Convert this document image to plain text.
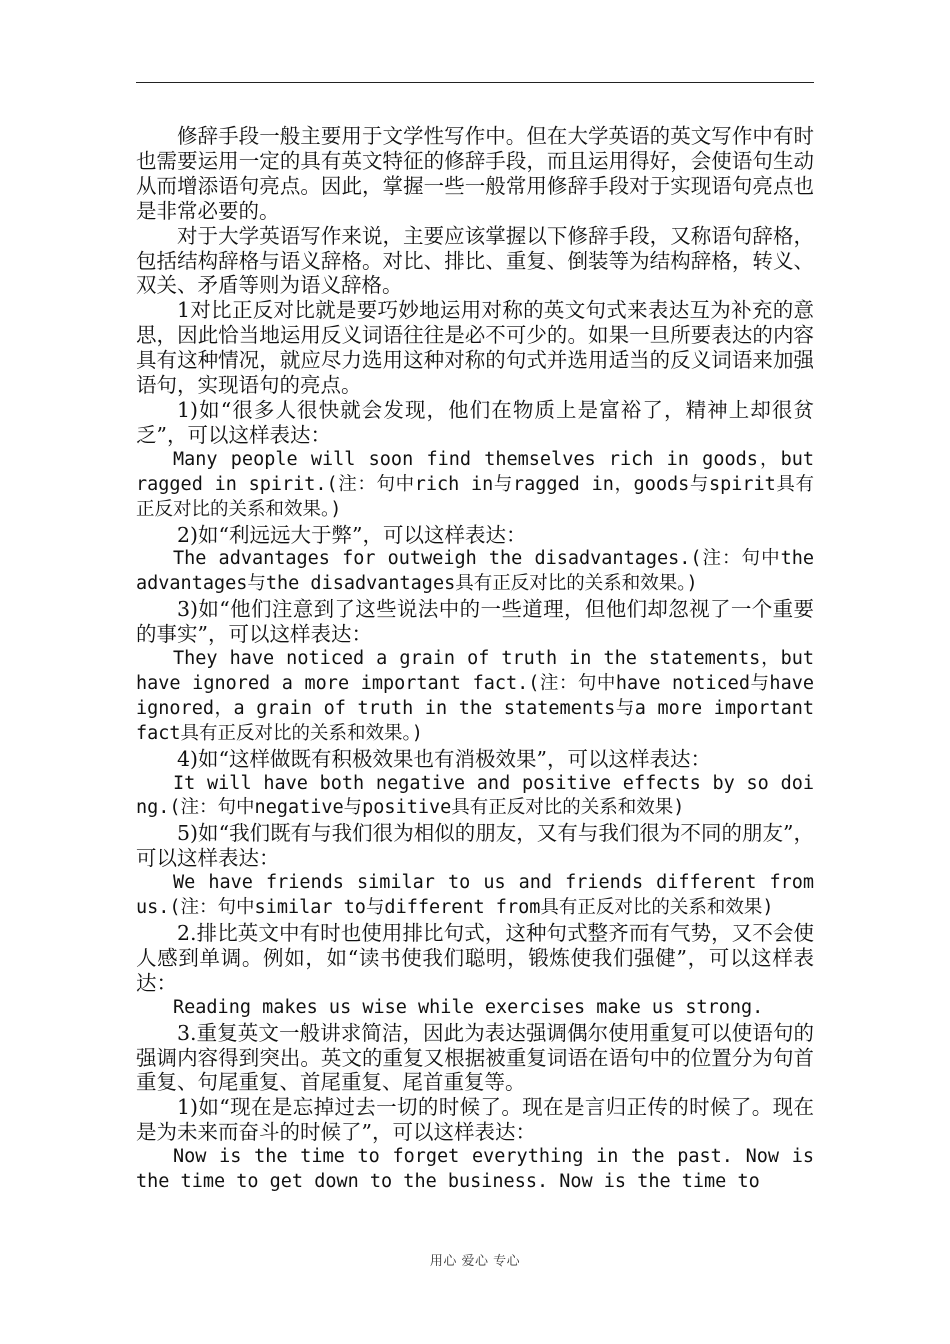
修辞手段一般主要用于文学性写作中。但在大学英语的英文写作中有时也需要运用一定的具有英文特征的修辞手段，而且运用得好，会使语句生动从而增添语句亮点。因此，掌握一些一般常用修辞手段对于实现语句亮点也是非常必要的。

对于大学英语写作来说，主要应该掌握以下修辞手段，又称语句辞格，包括结构辞格与语义辞格。对比、排比、重复、倒装等为结构辞格，转义、双关、矛盾等则为语义辞格。

1对比正反对比就是要巧妙地运用对称的英文句式来表达互为补充的意思，因此恰当地运用反义词语往往是必不可少的。如果一旦所要表达的内容具有这种情况，就应尽力选用这种对称的句式并选用适当的反义词语来加强语句，实现语句的亮点。

1)如“很多人很快就会发现，他们在物质上是富裕了，精神上却很贫乏”，可以这样表达：

Many people will soon find themselves rich in goods，but ragged in spirit.(注：句中rich in与ragged in，goods与spirit具有正反对比的关系和效果。)

2)如“利远远大于弊”，可以这样表达：

The advantages for outweigh the disadvantages.(注：句中the advantages与the disadvantages具有正反对比的关系和效果。)

3)如“他们注意到了这些说法中的一些道理，但他们却忽视了一个重要的事实”，可以这样表达：

They have noticed a grain of truth in the statements，but have ignored a more important fact.(注：句中have noticed与have ignored，a grain of truth in the statements与a more important fact具有正反对比的关系和效果。)

4)如“这样做既有积极效果也有消极效果”，可以这样表达：

It will have both negative and positive effects by so doing.(注：句中negative与positive具有正反对比的关系和效果)

5)如“我们既有与我们很为相似的朋友，又有与我们很为不同的朋友”，可以这样表达：

We have friends similar to us and friends different from us.(注：句中similar to与different from具有正反对比的关系和效果)

2.排比英文中有时也使用排比句式，这种句式整齐而有气势，又不会使人感到单调。例如，如“读书使我们聪明，锻炼使我们强健”，可以这样表达：

Reading makes us wise while exercises make us strong.

3.重复英文一般讲求简洁，因此为表达强调偶尔使用重复可以使语句的强调内容得到突出。英文的重复又根据被重复词语在语句中的位置分为句首重复、句尾重复、首尾重复、尾首重复等。

1)如“现在是忘掉过去一切的时候了。现在是言归正传的时候了。现在是为未来而奋斗的时候了”，可以这样表达：

Now is the time to forget everything in the past. Now is the time to get down to the business. Now is the time to

用心 爱心 专心
